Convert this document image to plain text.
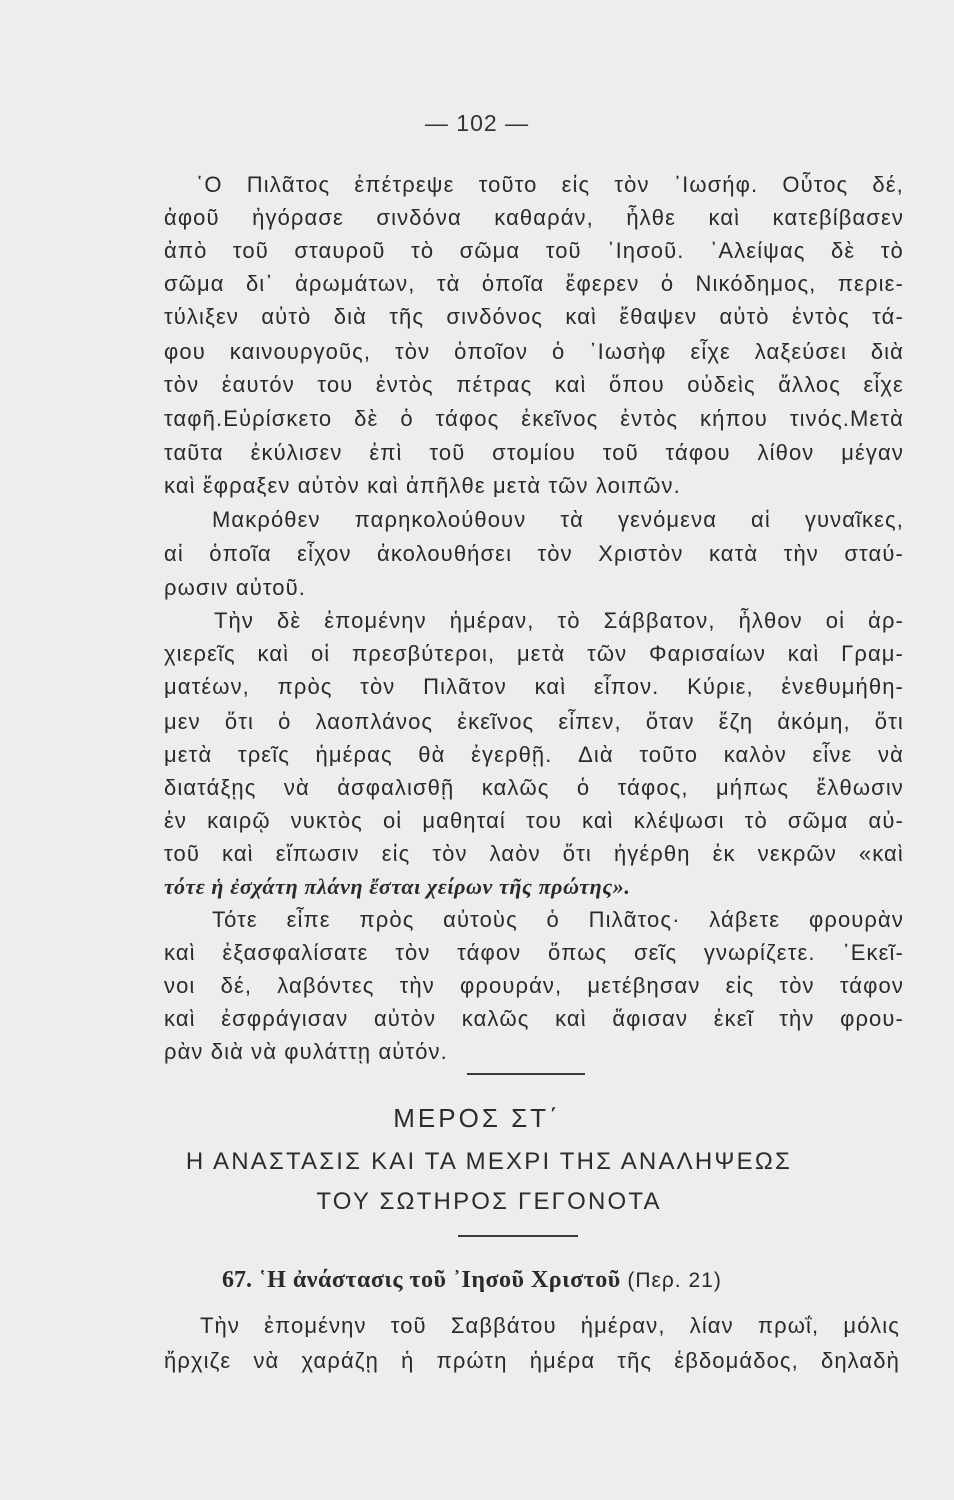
— 102 —
῾Ο Πιλᾶτος ἐπέτρεψε τοῦτο εἰς τὸν ᾿Ιωσήφ. Οὗτος δέ,
ἀφοῦ ἠγόρασε σινδόνα καθαράν, ἦλθε καὶ κατεβίβασεν
ἀπὸ τοῦ σταυροῦ τὸ σῶμα τοῦ ᾿Ιησοῦ. ᾿Αλείψας δὲ τὸ
σῶμα δι᾿ ἀρωμάτων, τὰ ὁποῖα ἔφερεν ὁ Νικόδημος, περιε-
τύλιξεν αὐτὸ διὰ τῆς σινδόνος καὶ ἔθαψεν αὐτὸ ἐντὸς τά-
φου καινουργοῦς, τὸν ὁποῖον ὁ ᾿Ιωσὴφ εἶχε λαξεύσει διὰ
τὸν ἑαυτόν του ἐντὸς πέτρας καὶ ὅπου οὐδεὶς ἄλλος εἶχε
ταφῆ.Εὑρίσκετο δὲ ὁ τάφος ἐκεῖνος ἐντὸς κήπου τινός.Μετὰ
ταῦτα ἐκύλισεν ἐπὶ τοῦ στομίου τοῦ τάφου λίθον μέγαν
καὶ ἔφραξεν αὐτὸν καὶ ἀπῆλθε μετὰ τῶν λοιπῶν.
Μακρόθεν παρηκολούθουν τὰ γενόμενα αἱ γυναῖκες,
αἱ ὁποῖα εἶχον ἀκολουθήσει τὸν Χριστὸν κατὰ τὴν σταύ-
ρωσιν αὐτοῦ.
Τὴν δὲ ἐπομένην ἡμέραν, τὸ Σάββατον, ἦλθον οἱ ἀρ-
χιερεῖς καὶ οἱ πρεσβύτεροι, μετὰ τῶν Φαρισαίων καὶ Γραμ-
ματέων, πρὸς τὸν Πιλᾶτον καὶ εἶπον. Κύριε, ἐνεθυμήθη-
μεν ὅτι ὁ λαοπλάνος ἐκεῖνος εἶπεν, ὅταν ἔζη ἀκόμη, ὅτι
μετὰ τρεῖς ἡμέρας θὰ ἐγερθῇ. Διὰ τοῦτο καλὸν εἶνε νὰ
διατάξῃς νὰ ἀσφαλισθῇ καλῶς ὁ τάφος, μήπως ἔλθωσιν
ἐν καιρῷ νυκτὸς οἱ μαθηταί του καὶ κλέψωσι τὸ σῶμα αὐ-
τοῦ καὶ εἴπωσιν εἰς τὸν λαὸν ὅτι ἠγέρθη ἐκ νεκρῶν «καὶ
τότε ἡ ἐσχάτη πλάνη ἔσται χείρων τῆς πρώτης».
Τότε εἶπε πρὸς αὐτοὺς ὁ Πιλᾶτος· λάβετε φρουρὰν
καὶ ἐξασφαλίσατε τὸν τάφον ὅπως σεῖς γνωρίζετε. ᾿Εκεῖ-
νοι δέ, λαβόντες τὴν φρουράν, μετέβησαν εἰς τὸν τάφον
καὶ ἐσφράγισαν αὐτὸν καλῶς καὶ ἄφισαν ἐκεῖ τὴν φρου-
ρὰν διὰ νὰ φυλάττῃ αὐτόν.
ΜΕΡΟΣ ΣΤ΄
Η ΑΝΑΣΤΑΣΙΣ ΚΑΙ ΤΑ ΜΕΧΡΙ ΤΗΣ ΑΝΑΛΗΨΕΩΣ
ΤΟΥ ΣΩΤΗΡΟΣ ΓΕΓΟΝΟΤΑ
67. ῾Η ἀνάστασις τοῦ ᾿Ιησοῦ Χριστοῦ (Περ. 21)
Τὴν ἐπομένην τοῦ Σαββάτου ἡμέραν, λίαν πρωΐ, μόλις
ἤρχιζε νὰ χαράζῃ ἡ πρώτη ἡμέρα τῆς ἑβδομάδος, δηλαδὴ
